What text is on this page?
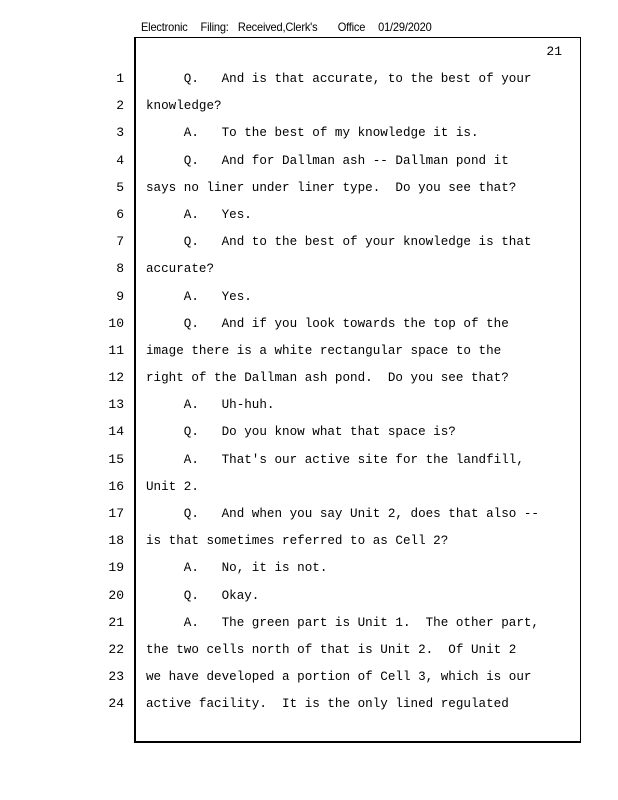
Electronic Filing: Received,Clerk's Office 01/29/2020
21
1
2
3
4
5
6
7
8
9
10
11
12
13
14
15
16
17
18
19
20
21
22
23
24
Q.   And is that accurate, to the best of your
knowledge?
A.   To the best of my knowledge it is.
Q.   And for Dallman ash -- Dallman pond it
says no liner under liner type.  Do you see that?
A.   Yes.
Q.   And to the best of your knowledge is that
accurate?
A.   Yes.
Q.   And if you look towards the top of the
image there is a white rectangular space to the
right of the Dallman ash pond.  Do you see that?
A.   Uh-huh.
Q.   Do you know what that space is?
A.   That's our active site for the landfill,
Unit 2.
Q.   And when you say Unit 2, does that also --
is that sometimes referred to as Cell 2?
A.   No, it is not.
Q.   Okay.
A.   The green part is Unit 1.  The other part,
the two cells north of that is Unit 2.  Of Unit 2
we have developed a portion of Cell 3, which is our
active facility.  It is the only lined regulated
